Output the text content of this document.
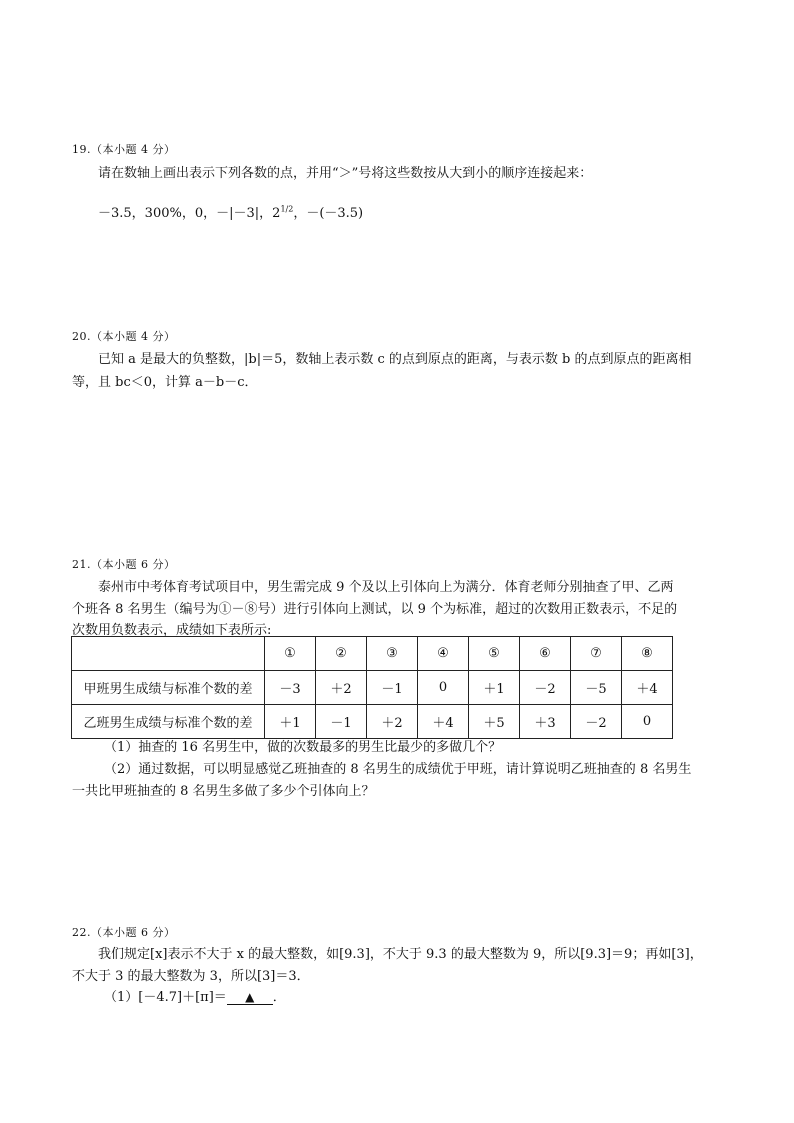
19.（本小题 4 分）
请在数轴上画出表示下列各数的点，并用“＞”号将这些数按从大到小的顺序连接起来：
－3.5，300%，0，－|－3|，$2^{1/2}$，－(－3.5)
20.（本小题 4 分）
已知 a 是最大的负整数，|b|＝5，数轴上表示数 c 的点到原点的距离，与表示数 b 的点到原点的距离相
等，且 bc＜0，计算 a－b－c．
21.（本小题 6 分）
泰州市中考体育考试项目中，男生需完成 9 个及以上引体向上为满分．体育老师分别抽查了甲、乙两
个班各 8 名男生（编号为①－⑧号）进行引体向上测试，以 9 个为标准，超过的次数用正数表示，不足的
次数用负数表示，成绩如下表所示:
	①	②	③	④	⑤	⑥	⑦	⑧
甲班男生成绩与标准个数的差	－3	＋2	－1	0	＋1	－2	－5	＋4
乙班男生成绩与标准个数的差	＋1	－1	＋2	＋4	＋5	＋3	－2	0
（1）抽查的 16 名男生中，做的次数最多的男生比最少的多做几个？
（2）通过数据，可以明显感觉乙班抽查的 8 名男生的成绩优于甲班，请计算说明乙班抽查的 8 名男生
一共比甲班抽查的 8 名男生多做了多少个引体向上？
22.（本小题 6 分）
我们规定[x]表示不大于 x 的最大整数，如[9.3]，不大于 9.3 的最大整数为 9，所以[9.3]＝9；再如[3]，
不大于 3 的最大整数为 3，所以[3]＝3．
（1）[－4.7]＋[π]＝ ▲ ．
